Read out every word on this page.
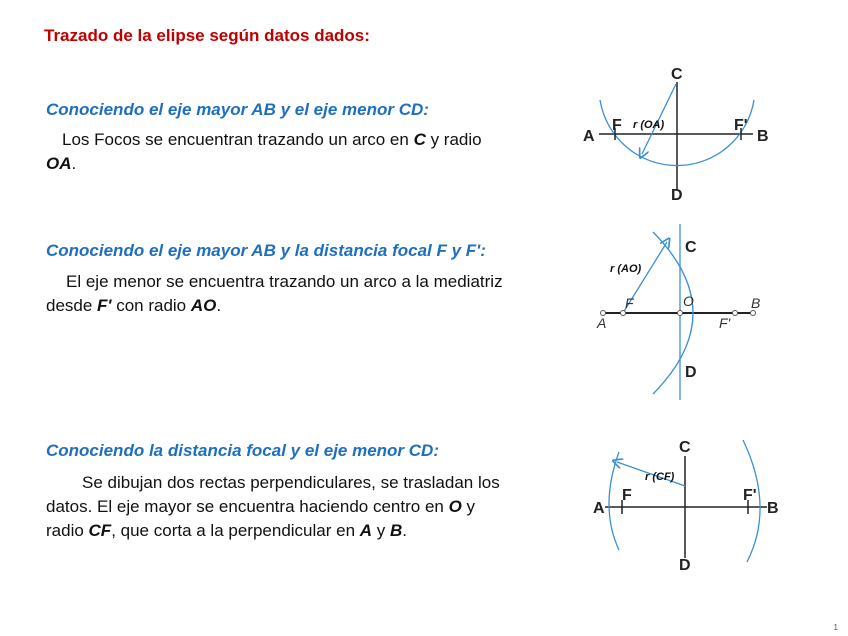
Trazado de la elipse según datos dados:
Conociendo el eje mayor AB y el eje menor CD:
Los Focos se encuentran trazando un arco en C y radio
OA.
Conociendo el eje mayor AB y la distancia focal F y F':
El eje menor se encuentra trazando un arco a la mediatriz
desde F' con radio AO.
Conociendo la distancia focal y el eje menor CD:
Se dibujan dos rectas perpendiculares, se trasladan los
datos. El eje mayor se encuentra haciendo centro en O y
radio CF, que corta a la perpendicular en A y B.
A	B
C
D
F	F'
r (OA)
A
B
C
D
F
F'
O
r (AO)
A	B
C
D
F	F'
r (CF)
1
